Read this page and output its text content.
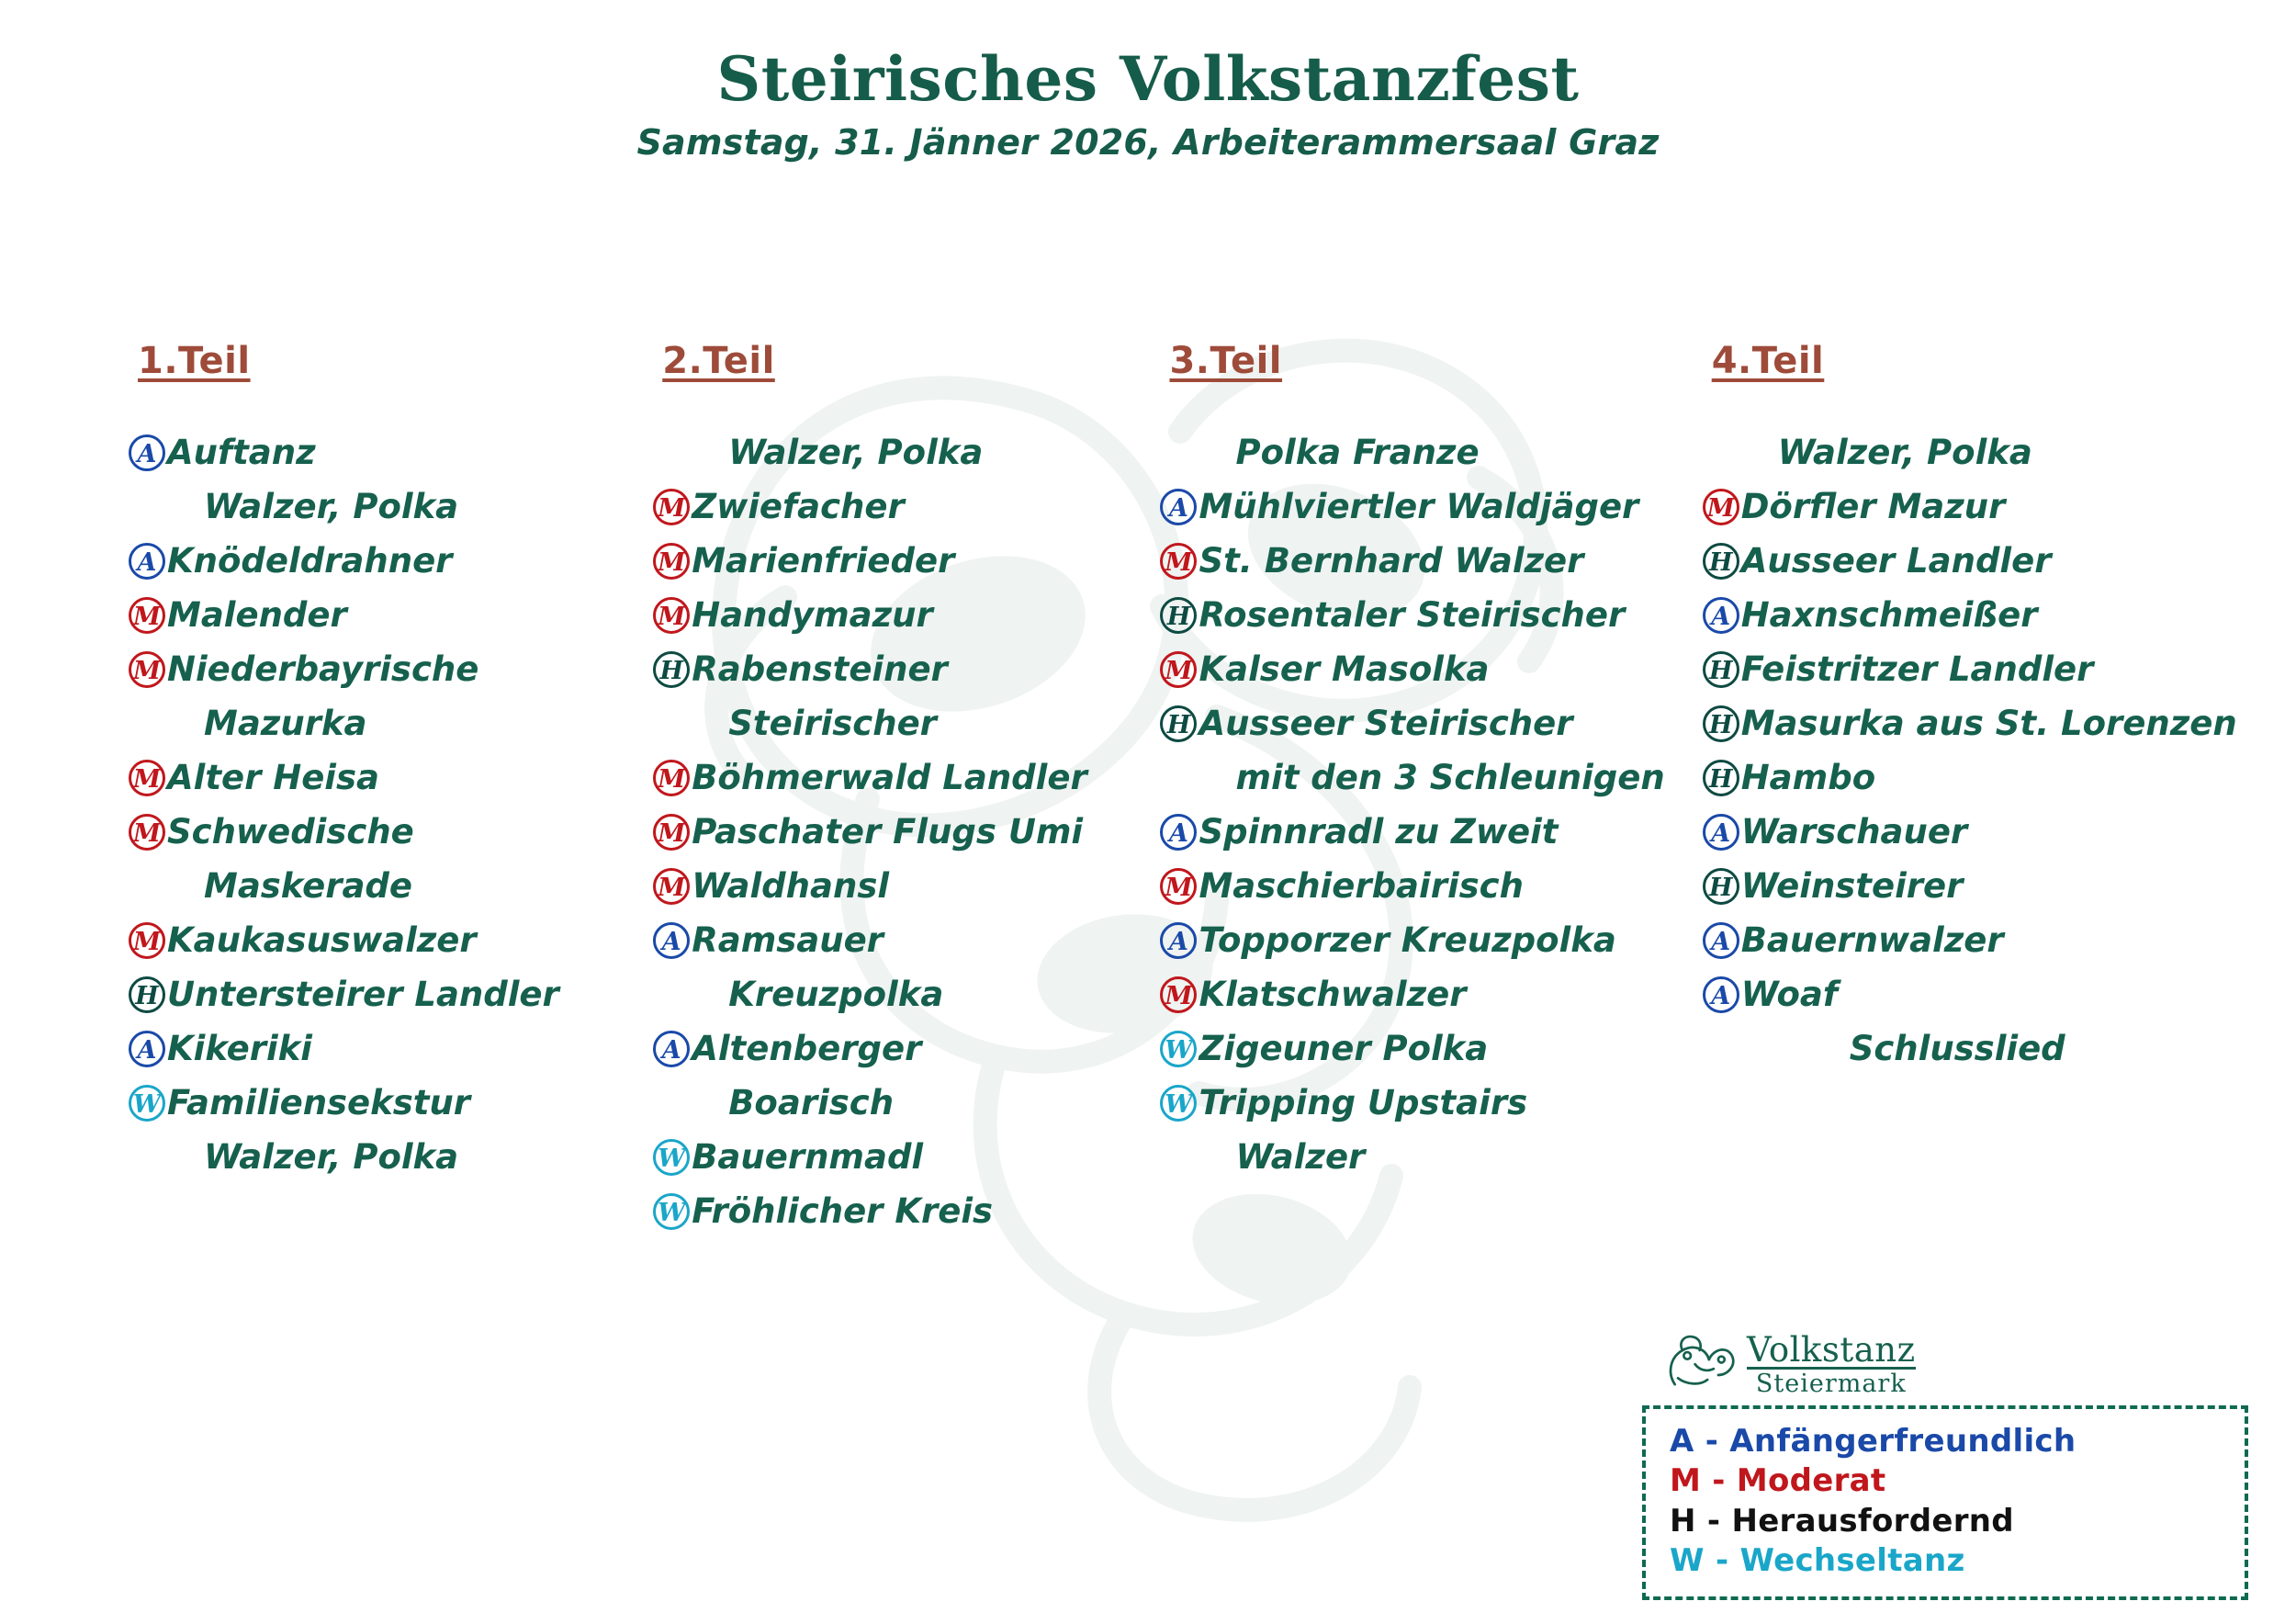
Steirisches Volkstanzfest
Samstag, 31. Jänner 2026, Arbeiterammersaal Graz
1.Teil
A Auftanz
Walzer, Polka
A Knödeldrahner
M Malender
M Niederbayrische
Mazurka
M Alter Heisa
M Schwedische
Maskerade
M Kaukasuswalzer
H Untersteirer Landler
A Kikeriki
W Familiensekstur
Walzer, Polka
2.Teil
Walzer, Polka
M Zwiefacher
M Marienfrieder
M Handymazur
H Rabensteiner
Steirischer
M Böhmerwald Landler
M Paschater Flugs Umi
M Waldhansl
A Ramsauer
Kreuzpolka
A Altenberger
Boarisch
W Bauernmadl
W Fröhlicher Kreis
3.Teil
Polka Franze
A Mühlviertler Waldjäger
M St. Bernhard Walzer
H Rosentaler Steirischer
M Kalser Masolka
H Ausseer Steirischer
mit den 3 Schleunigen
A Spinnradl zu Zweit
M Maschierbairisch
A Topporzer Kreuzpolka
M Klatschwalzer
W Zigeuner Polka
W Tripping Upstairs
Walzer
4.Teil
Walzer, Polka
M Dörfler Mazur
H Ausseer Landler
A Haxnschmeißer
H Feistritzer Landler
H Masurka aus St. Lorenzen
H Hambo
A Warschauer
H Weinsteirer
A Bauernwalzer
A Woaf
Schlusslied
Volkstanz
Steiermark
A - Anfängerfreundlich
M - Moderat
H - Herausfordernd
W - Wechseltanz
